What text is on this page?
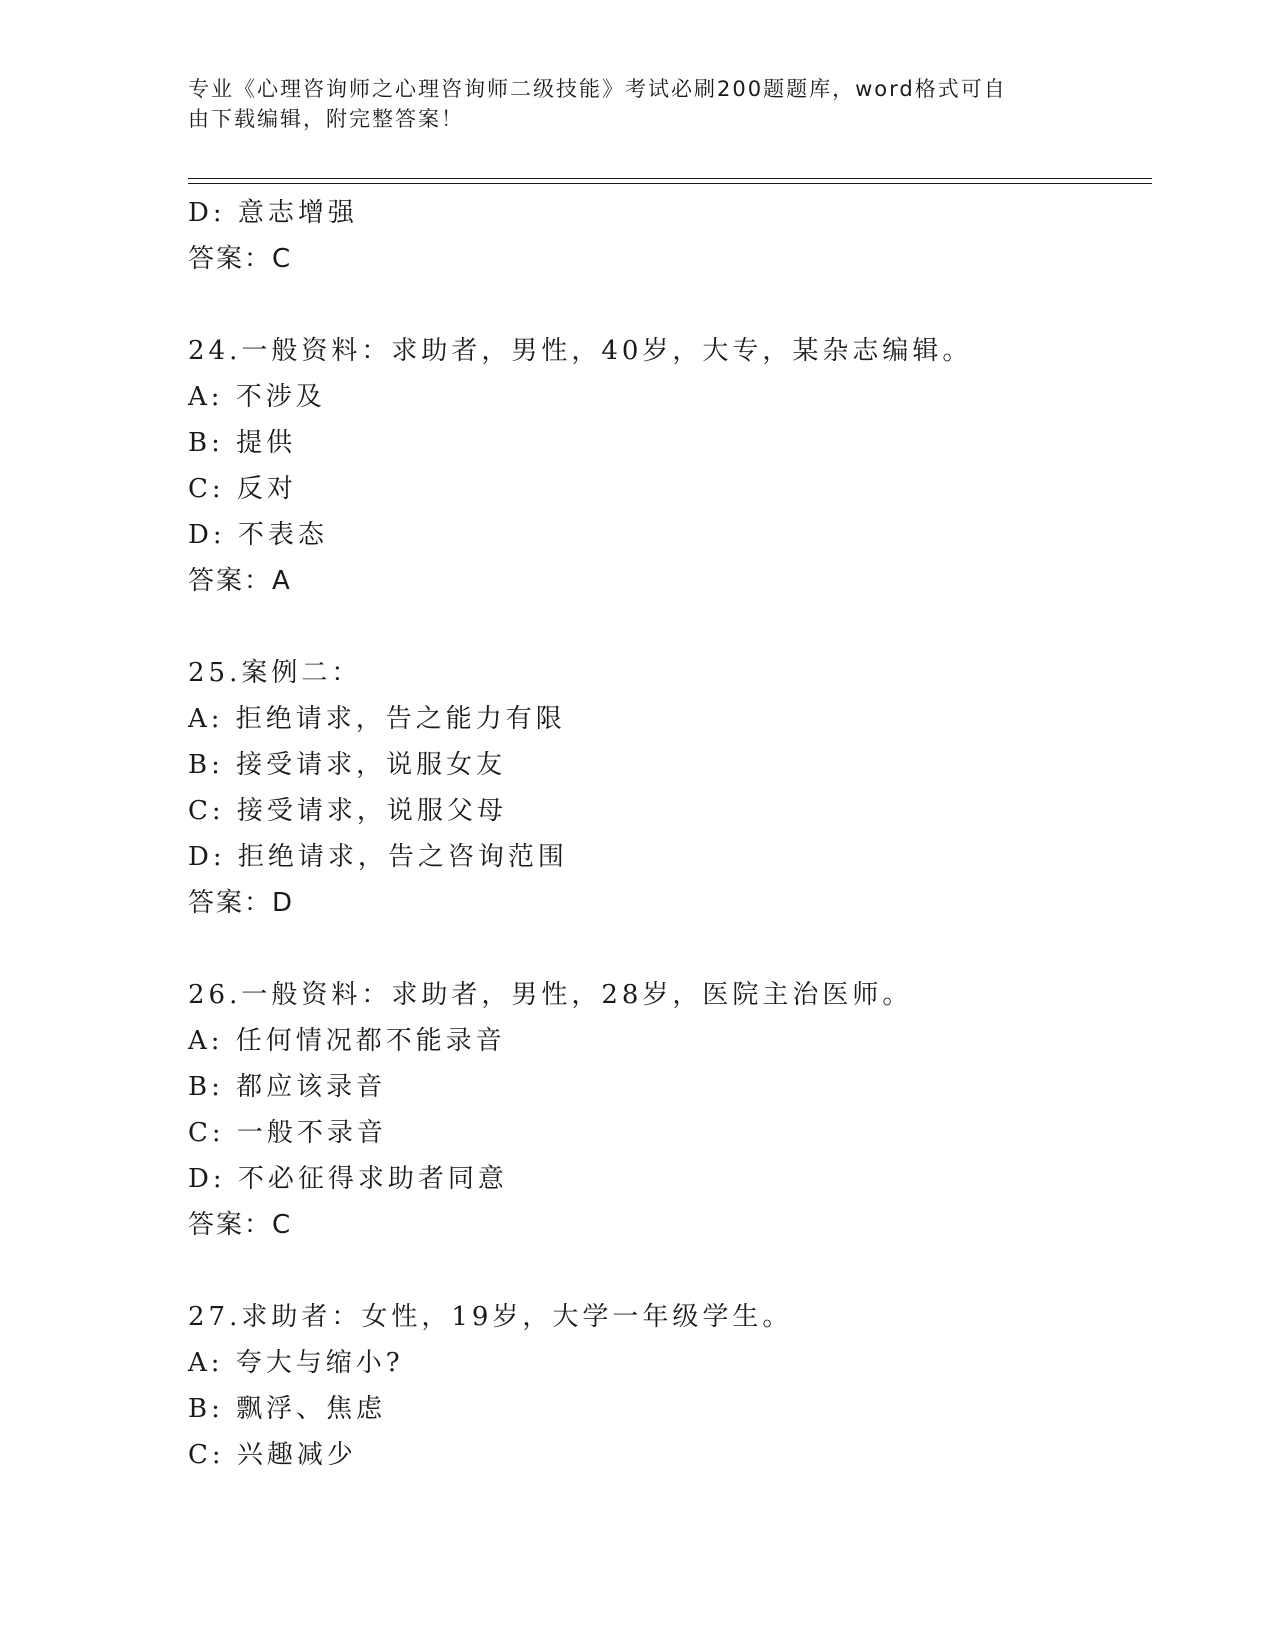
专业《心理咨询师之心理咨询师二级技能》考试必刷200题题库，word格式可自
由下载编辑，附完整答案！
D: 意志增强
答案：C
24.一般资料：求助者，男性，40岁，大专，某杂志编辑。
A: 不涉及
B: 提供
C: 反对
D: 不表态
答案：A
25.案例二：
A: 拒绝请求，告之能力有限
B: 接受请求，说服女友
C: 接受请求，说服父母
D: 拒绝请求，告之咨询范围
答案：D
26.一般资料：求助者，男性，28岁，医院主治医师。
A: 任何情况都不能录音
B: 都应该录音
C: 一般不录音
D: 不必征得求助者同意
答案：C
27.求助者：女性，19岁，大学一年级学生。
A: 夸大与缩小?
B: 飘浮、焦虑
C: 兴趣减少
